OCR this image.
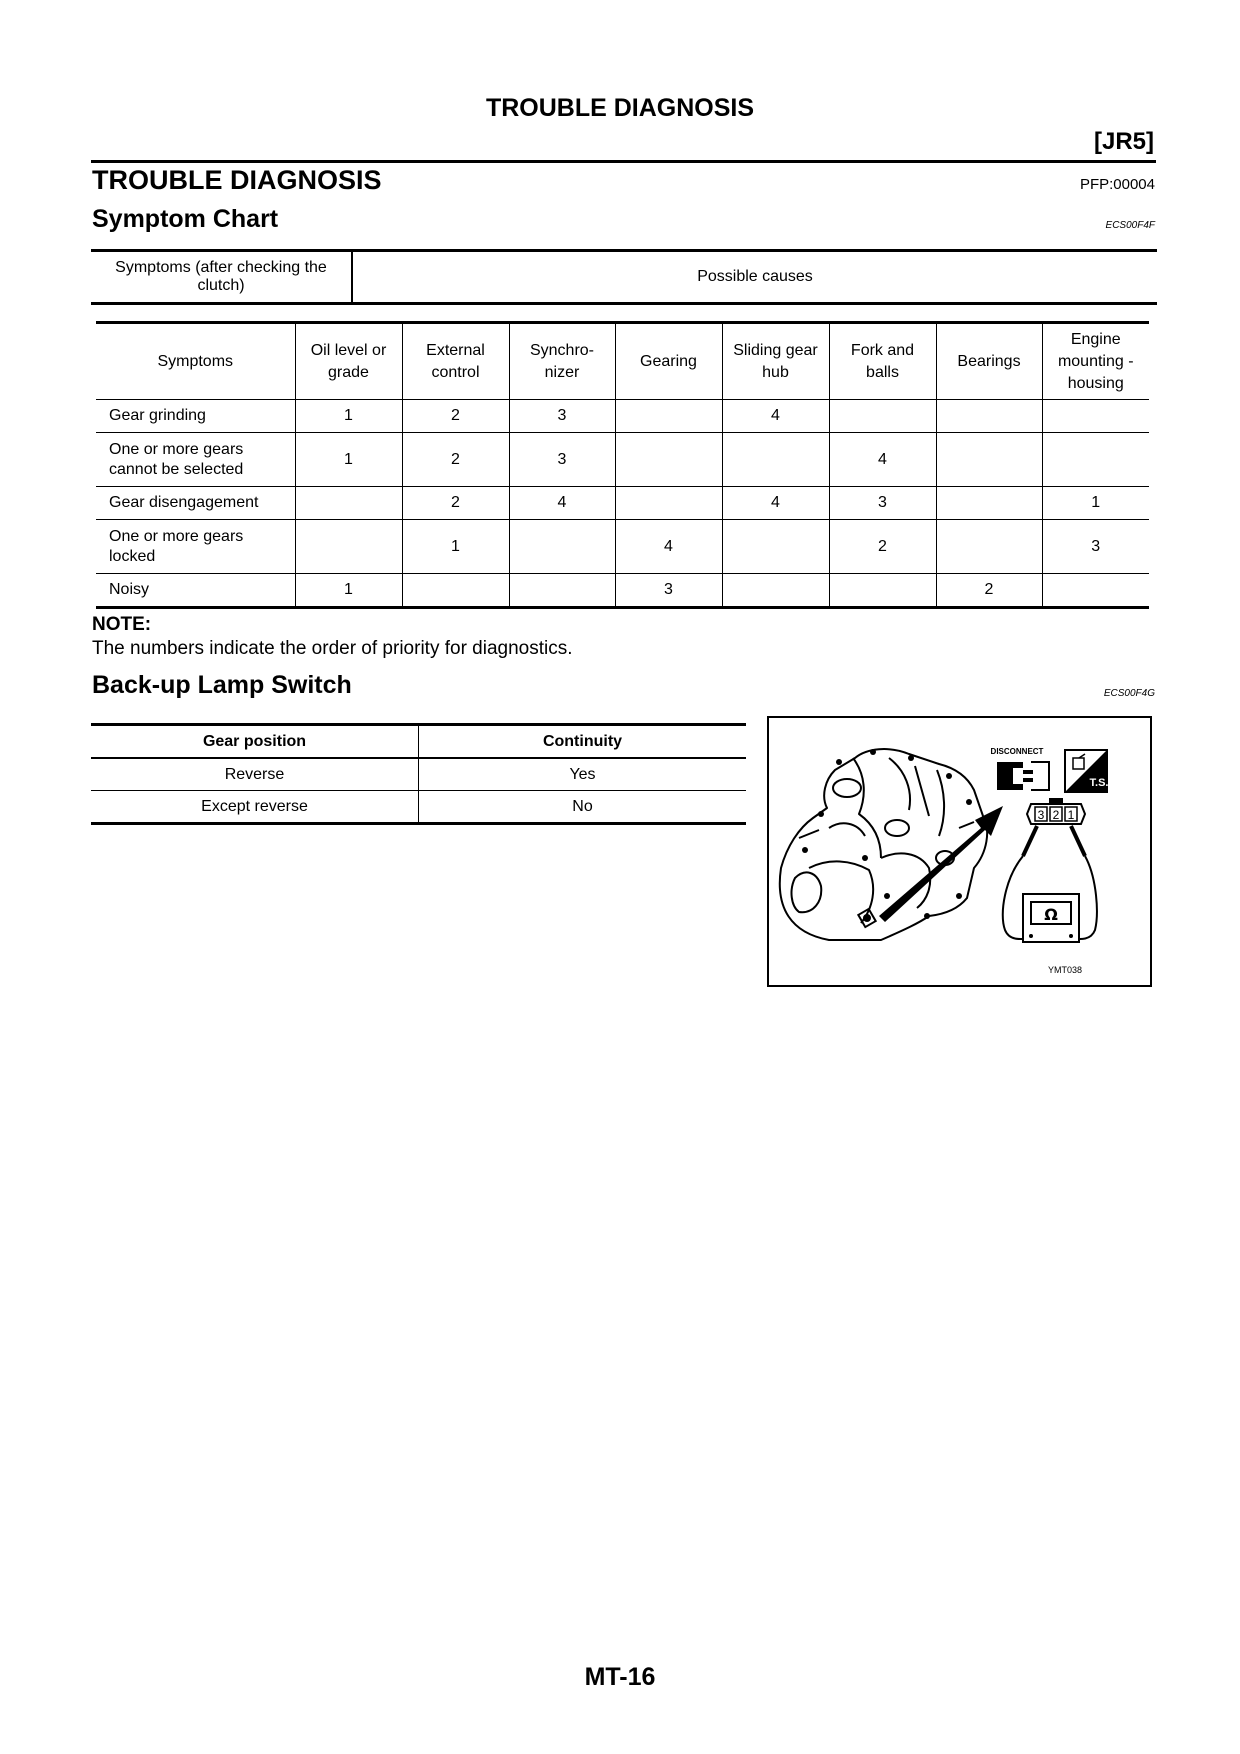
TROUBLE DIAGNOSIS
[JR5]
TROUBLE DIAGNOSIS	PFP:00004
Symptom Chart	ECS00F4F
Symptoms (after checking the clutch)	Possible causes
Symptoms	Oil level or grade	External control	Synchro-nizer	Gearing	Sliding gear hub	Fork and balls	Bearings	Engine mounting - housing
Gear grinding	1	2	3		4			
One or more gears cannot be selected	1	2	3			4		
Gear disengagement		2	4		4	3		1
One or more gears locked		1		4		2		3
Noisy	1			3			2	
NOTE:
The numbers indicate the order of priority for diagnostics.
Back-up Lamp Switch	ECS00F4G
Gear position	Continuity
Reverse	Yes
Except reverse	No
DISCONNECT
T.S.
3 2 1
Ω
YMT038
MT-16
